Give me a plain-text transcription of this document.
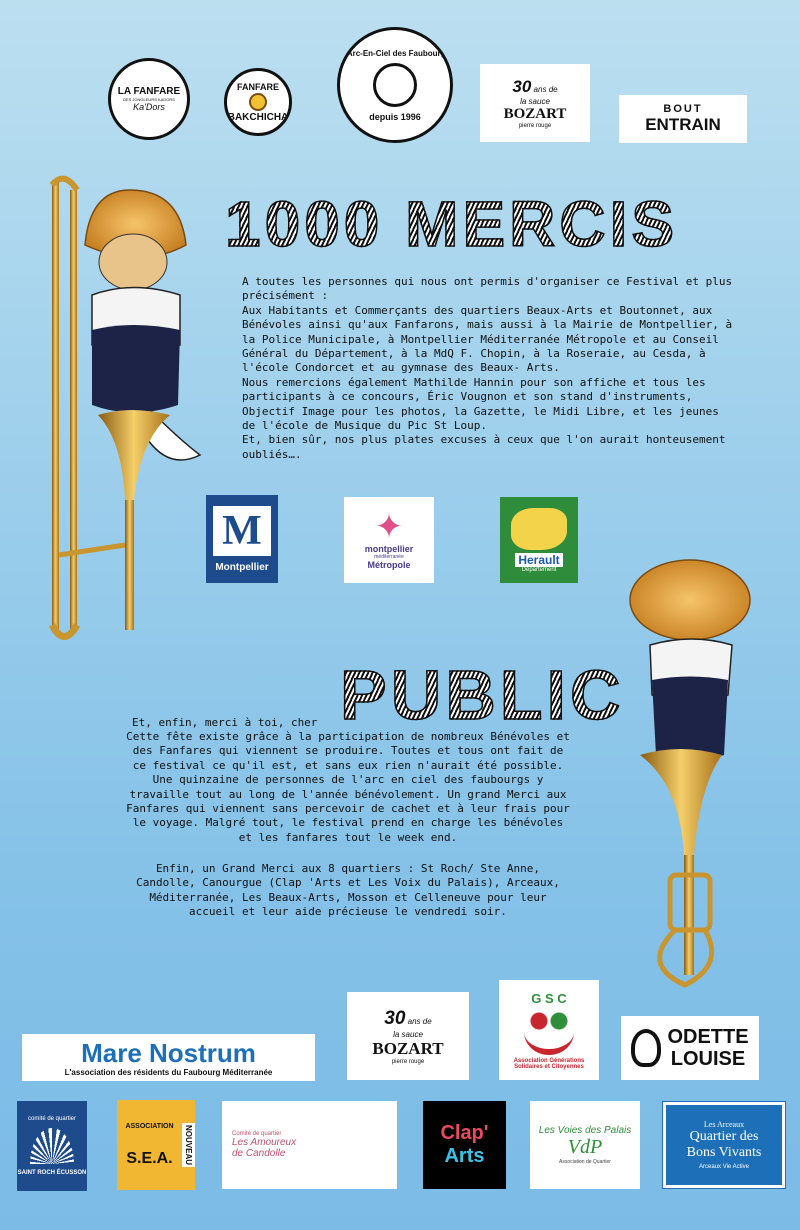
LA FANFARE
DES JONGLEURS KADORS
Ka'Dors
FANFARE
BAKCHICHA
L'Arc-En-Ciel des Faubourgs
depuis 1996
30 ans de
la sauce
BOZART
pierre rouge
BOUT
ENTRAIN
1000 MERCIS
A toutes les personnes qui nous ont permis d'organiser ce Festival et plus
précisément :
Aux Habitants et Commerçants des quartiers Beaux-Arts et Boutonnet, aux
Bénévoles ainsi qu'aux Fanfarons, mais aussi à la Mairie de Montpellier, à
la Police Municipale, à Montpellier Méditerranée Métropole et au Conseil
Général du Département, à la MdQ F. Chopin, à la Roseraie, au Cesda, à
l'école Condorcet et au gymnase des Beaux- Arts.
Nous remercions également Mathilde Hannin pour son affiche et tous les
participants à ce concours, Éric Vougnon et son stand d'instruments,
Objectif Image pour les photos, la Gazette, le Midi Libre, et les jeunes
de l'école de Musique du Pic St Loup.
Et, bien sûr, nos plus plates excuses à ceux que l'on aurait honteusement
oubliés….
M
Montpellier
✦
montpellier
méditerranée
Métropole	Herault
Département
PUBLIC
Et, enfin, merci à toi, cher
Cette fête existe grâce à la participation de nombreux Bénévoles et
des Fanfares qui viennent se produire. Toutes et tous ont fait de
ce festival ce qu'il est, et sans eux rien n'aurait été possible.
Une quinzaine de personnes de l'arc en ciel des faubourgs y
travaille tout au long de l'année bénévolement. Un grand Merci aux
Fanfares qui viennent sans percevoir de cachet et à leur frais pour
le voyage. Malgré tout, le festival prend en charge les bénévoles
et les fanfares tout le week end.
Enfin, un Grand Merci aux 8 quartiers : St Roch/ Ste Anne,
Candolle, Canourgue (Clap 'Arts et Les Voix du Palais), Arceaux,
Méditerranée, Les Beaux-Arts, Mosson et Celleneuve pour leur
accueil et leur aide précieuse le vendredi soir.
Mare Nostrum
L'association des résidents du Faubourg Méditerranée
30 ans de
la sauce
BOZART
pierre rouge
G S C
Association Générations Solidaires et Citoyennes
ODETTE
LOUISE
comité de quartier
SAINT ROCH ÉCUSSON
ASSOCIATION
S.E.A.	NOUVEAU	Comité de quartier
Les Amoureux
de Candolle
Clap'
Arts
Les Voies des Palais
VdP
Association de Quartier
Les Arceaux
Quartier des
Bons Vivants
Arceaux Vie Active
